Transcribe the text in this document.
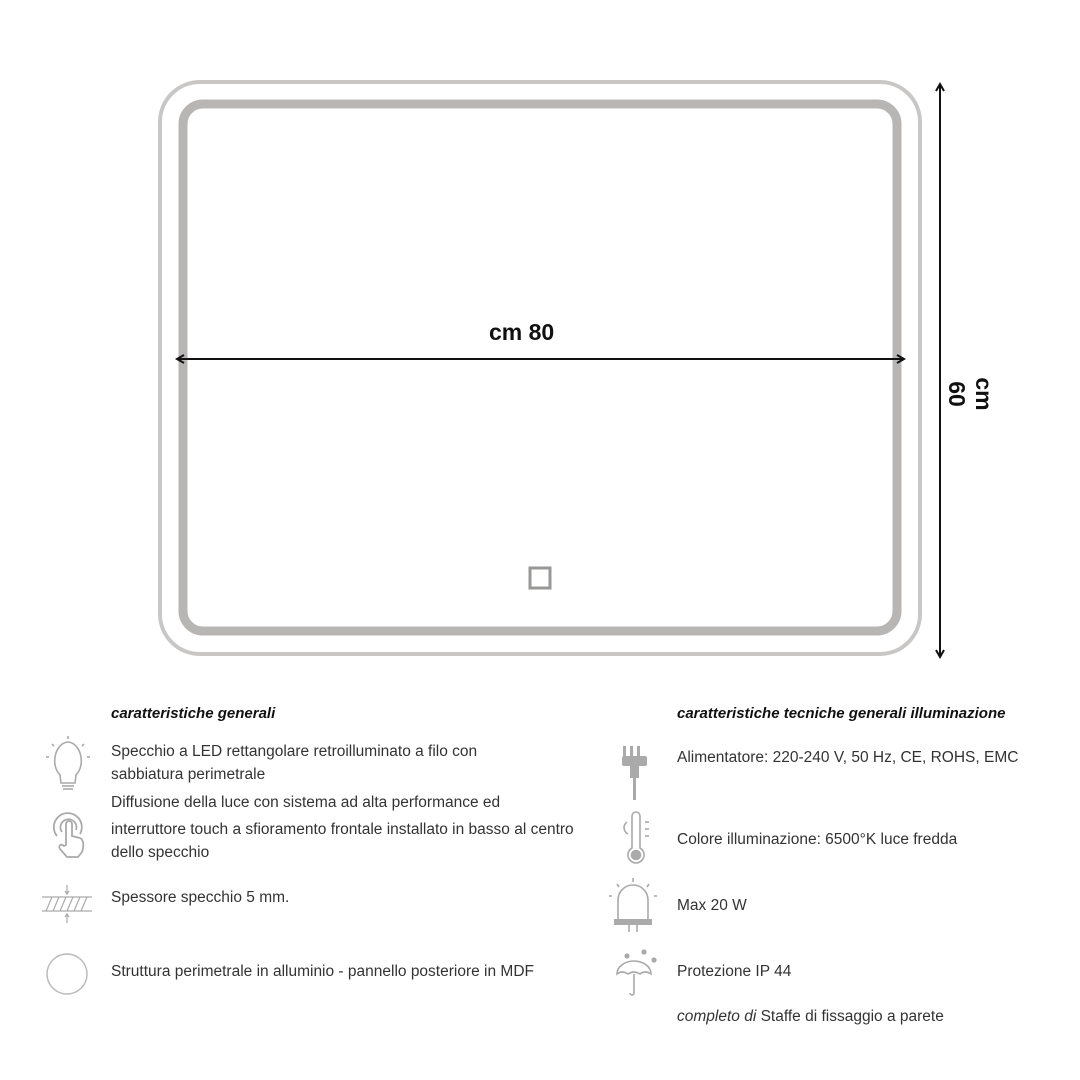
cm 80
cm 60
caratteristiche generali
Specchio a LED rettangolare retroilluminato a filo con sabbiatura perimetrale
Diffusione della luce con sistema ad alta performance ed
interruttore touch a sfioramento frontale installato in basso al centro dello specchio
Spessore specchio 5 mm.
Struttura perimetrale in alluminio - pannello posteriore in MDF
caratteristiche tecniche generali illuminazione
Alimentatore: 220-240 V, 50 Hz, CE, ROHS, EMC
Colore illuminazione: 6500°K luce fredda
Max 20 W
Protezione IP 44
completo di Staffe di fissaggio a parete
